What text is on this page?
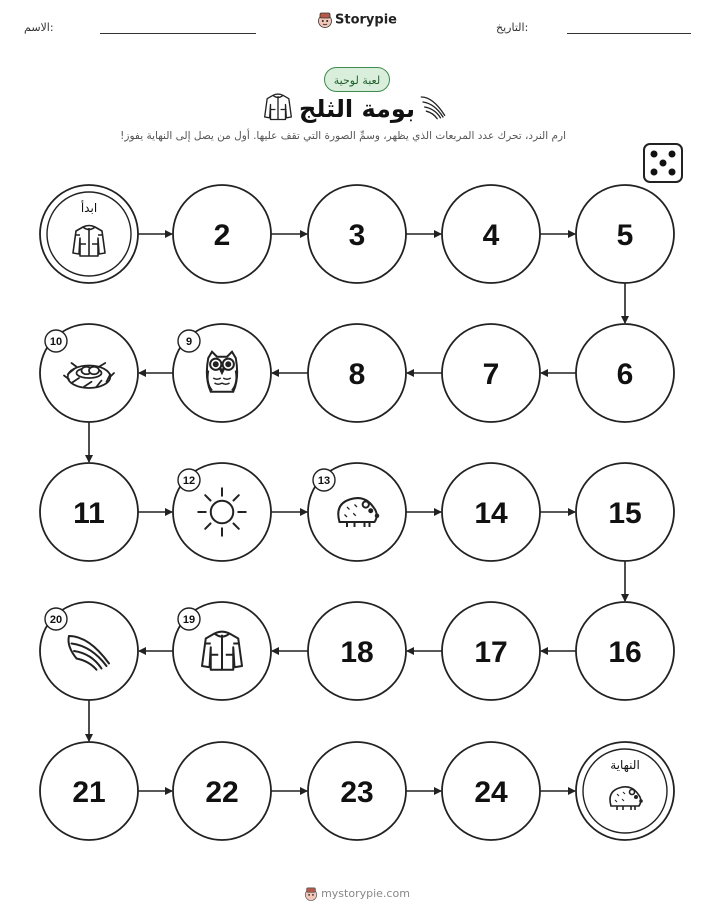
الاسم:	Storypie	التاريخ:
لعبة لوحية
بومة الثلج
ارم النرد، تحرك عدد المربعات الذي يظهر، وسمِّ الصورة التي تقف عليها. أول من يصل إلى النهاية يفوز!
ابدأ
2	3	4	5
6
7
8
9
10
11
12	13
14	15
16
17
18
19
20
21	22	23	24
النهاية
mystorypie.com
